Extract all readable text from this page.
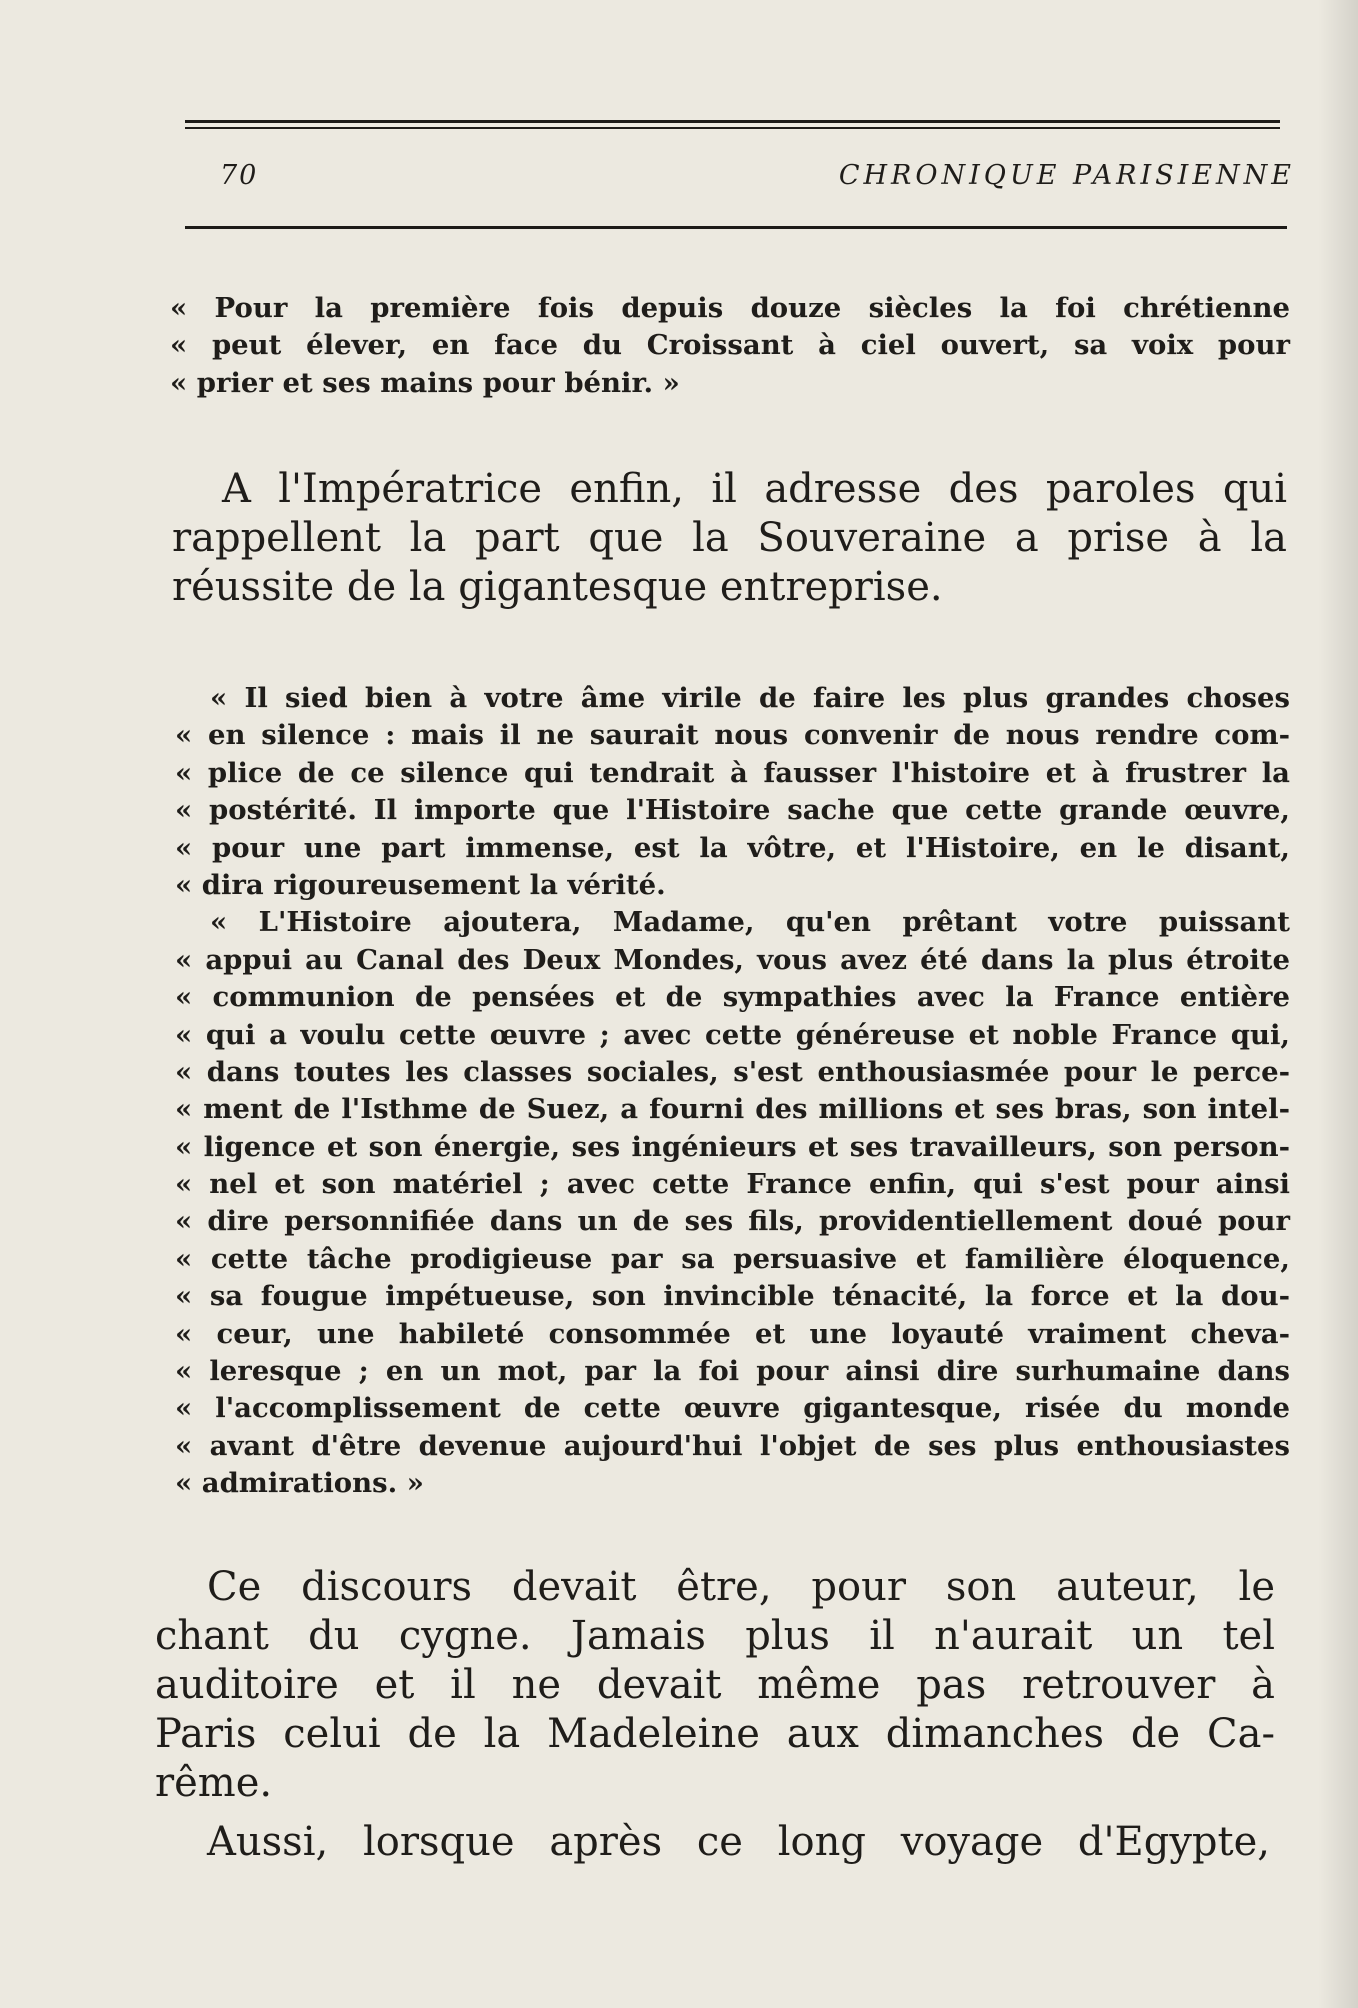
70	CHRONIQUE PARISIENNE
« Pour la première fois depuis douze siècles la foi chrétienne
« peut élever, en face du Croissant à ciel ouvert, sa voix pour
« prier et ses mains pour bénir. »
A l'Impératrice enfin, il adresse des paroles qui
rappellent la part que la Souveraine a prise à la
réussite de la gigantesque entreprise.
« Il sied bien à votre âme virile de faire les plus grandes choses
« en silence : mais il ne saurait nous convenir de nous rendre com-
« plice de ce silence qui tendrait à fausser l'histoire et à frustrer la
« postérité. Il importe que l'Histoire sache que cette grande œuvre,
« pour une part immense, est la vôtre, et l'Histoire, en le disant,
« dira rigoureusement la vérité.
« L'Histoire ajoutera, Madame, qu'en prêtant votre puissant
« appui au Canal des Deux Mondes, vous avez été dans la plus étroite
« communion de pensées et de sympathies avec la France entière
« qui a voulu cette œuvre ; avec cette généreuse et noble France qui,
« dans toutes les classes sociales, s'est enthousiasmée pour le perce-
« ment de l'Isthme de Suez, a fourni des millions et ses bras, son intel-
« ligence et son énergie, ses ingénieurs et ses travailleurs, son person-
« nel et son matériel ; avec cette France enfin, qui s'est pour ainsi
« dire personnifiée dans un de ses fils, providentiellement doué pour
« cette tâche prodigieuse par sa persuasive et familière éloquence,
« sa fougue impétueuse, son invincible ténacité, la force et la dou-
« ceur, une habileté consommée et une loyauté vraiment cheva-
« leresque ; en un mot, par la foi pour ainsi dire surhumaine dans
« l'accomplissement de cette œuvre gigantesque, risée du monde
« avant d'être devenue aujourd'hui l'objet de ses plus enthousiastes
« admirations. »
Ce discours devait être, pour son auteur, le
chant du cygne. Jamais plus il n'aurait un tel
auditoire et il ne devait même pas retrouver à
Paris celui de la Madeleine aux dimanches de Ca-
rême.
Aussi, lorsque après ce long voyage d'Egypte,
